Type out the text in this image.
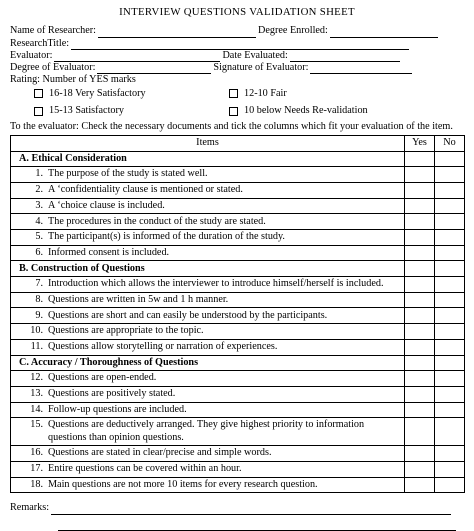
INTERVIEW QUESTIONS VALIDATION SHEET
Name of Researcher:	Degree Enrolled:
ResearchTitle:
Evaluator:	Date Evaluated:
Degree of Evaluator:	Signature of Evaluator:
Rating: Number of YES marks
16-18 Very Satisfactory	12-10 Fair
15-13 Satisfactory	10 below Needs Re-validation
To the evaluator: Check the necessary documents and tick the columns which fit your evaluation of the item.
Items	Yes	No
A. Ethical Consideration		

1. The purpose of the study is stated well.		

2. A ‘confidentiality clause is mentioned or stated.		

3. A ‘choice clause is included.		

4. The procedures in the conduct of the study are stated.		

5. The participant(s) is informed of the duration of the study.		

6. Informed consent is included.		

B. Construction of Questions		

7. Introduction which allows the interviewer to introduce himself/herself is included.		

8. Questions are written in 5w and 1 h manner.		

9. Questions are short and can easily be understood by the participants.		

10. Questions are appropriate to the topic.		

11. Questions allow storytelling or narration of experiences.		

C. Accuracy / Thoroughness of Questions		

12. Questions are open-ended.		

13. Questions are positively stated.		

14. Follow-up questions are included.		

15. Questions are deductively arranged. They give highest priority to information questions than opinion questions.		

16. Questions are stated in clear/precise and simple words.		

17. Entire questions can be covered within an hour.		

18. Main questions are not more 10 items for every research question.		

Remarks:
